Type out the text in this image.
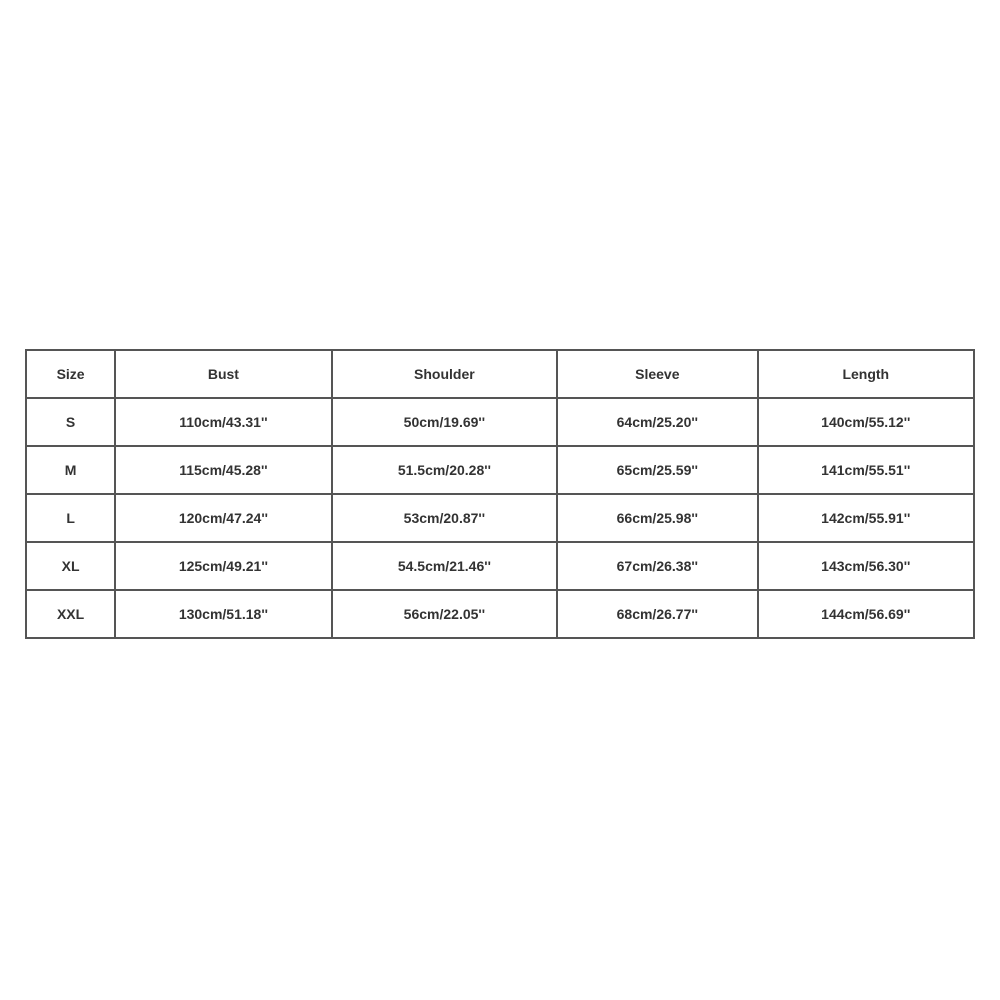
Size	Bust	Shoulder	Sleeve	Length
S	110cm/43.31''	50cm/19.69''	64cm/25.20''	140cm/55.12''
M	115cm/45.28''	51.5cm/20.28''	65cm/25.59''	141cm/55.51''
L	120cm/47.24''	53cm/20.87''	66cm/25.98''	142cm/55.91''
XL	125cm/49.21''	54.5cm/21.46''	67cm/26.38''	143cm/56.30''
XXL	130cm/51.18''	56cm/22.05''	68cm/26.77''	144cm/56.69''
